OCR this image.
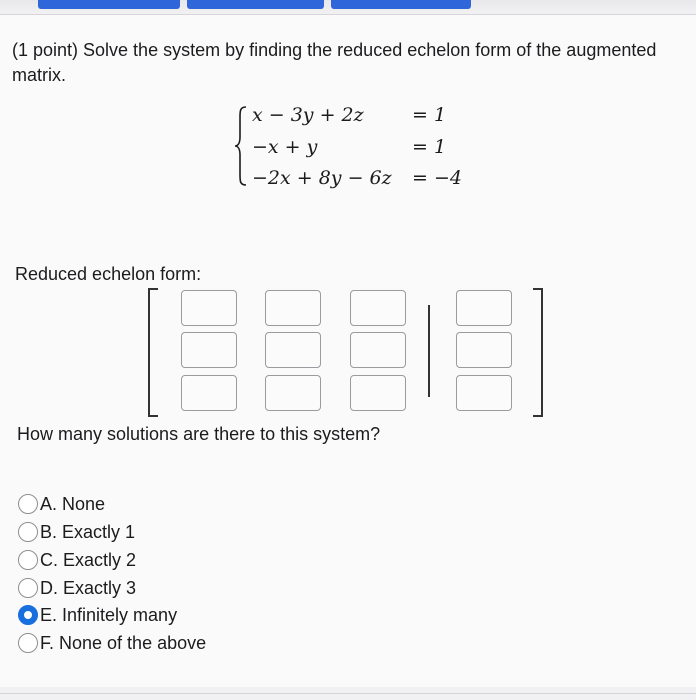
(1 point) Solve the system by finding the reduced echelon form of the augmented matrix.
x − 3y + 2z	= 1
−x + y	= 1
−2x + 8y − 6z = −4
Reduced echelon form:
How many solutions are there to this system?
A. None
B. Exactly 1
C. Exactly 2
D. Exactly 3
E. Infinitely many
F. None of the above
